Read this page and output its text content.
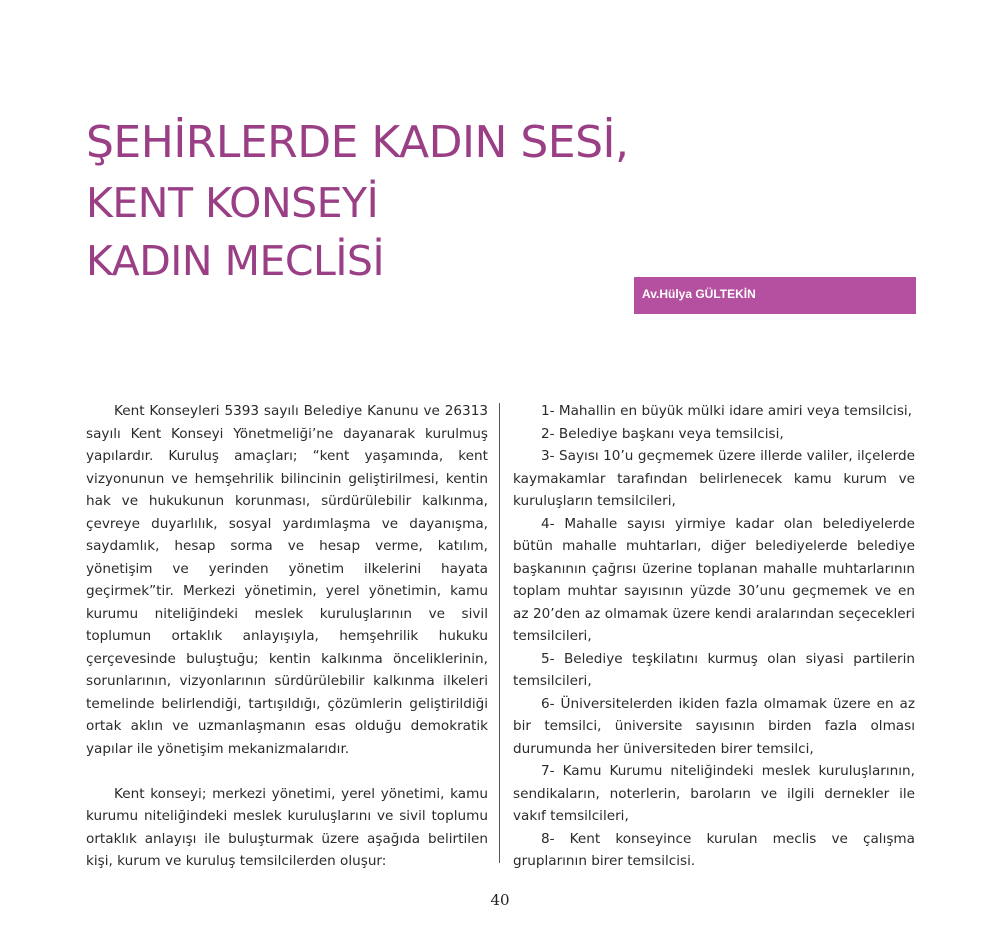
ŞEHİRLERDE KADIN SESİ,
KENT KONSEYİ
KADIN MECLİSİ
Av.Hülya GÜLTEKİN

Kent Konseyleri 5393 sayılı Belediye Kanunu ve 26313 sayılı Kent Konseyi Yönetmeliği’ne dayanarak kurulmuş yapılardır. Kuruluş amaçları; “kent yaşamında, kent vizyonunun ve hemşehrilik bilincinin geliştirilmesi, kentin hak ve hukukunun korunması, sürdürülebilir kalkınma, çevreye duyarlılık, sosyal yardımlaşma ve dayanışma, saydamlık, hesap sorma ve hesap verme, katılım, yönetişim ve yerinden yönetim ilkelerini hayata geçirmek”tir. Merkezi yönetimin, yerel yönetimin, kamu kurumu niteliğindeki meslek kuruluşlarının ve sivil toplumun ortaklık anlayışıyla, hemşehrilik hukuku çerçevesinde buluştuğu; kentin kalkınma önceliklerinin, sorunlarının, vizyonlarının sürdürülebilir kalkınma ilkeleri temelinde belirlendiği, tartışıldığı, çözümlerin geliştirildiği ortak aklın ve uzmanlaşmanın esas olduğu demokratik yapılar ile yönetişim mekanizmalarıdır.

Kent konseyi; merkezi yönetimi, yerel yönetimi, kamu kurumu niteliğindeki meslek kuruluşlarını ve sivil toplumu ortaklık anlayışı ile buluşturmak üzere aşağıda belirtilen kişi, kurum ve kuruluş temsilcilerden oluşur:

1- Mahallin en büyük mülki idare amiri veya temsilcisi,

2- Belediye başkanı veya temsilcisi,

3- Sayısı 10’u geçmemek üzere illerde valiler, ilçelerde kaymakamlar tarafından belirlenecek kamu kurum ve kuruluşların temsilcileri,

4- Mahalle sayısı yirmiye kadar olan belediyelerde bütün mahalle muhtarları, diğer belediyelerde belediye başkanının çağrısı üzerine toplanan mahalle muhtarlarının toplam muhtar sayısının yüzde 30’unu geçmemek ve en az 20’den az olmamak üzere kendi aralarından seçecekleri temsilcileri,

5- Belediye teşkilatını kurmuş olan siyasi partilerin temsilcileri,

6- Üniversitelerden ikiden fazla olmamak üzere en az bir temsilci, üniversite sayısının birden fazla olması durumunda her üniversiteden birer temsilci,

7- Kamu Kurumu niteliğindeki meslek kuruluşlarının, sendikaların, noterlerin, baroların ve ilgili dernekler ile vakıf temsilcileri,

8- Kent konseyince kurulan meclis ve çalışma gruplarının birer temsilcisi.

40
